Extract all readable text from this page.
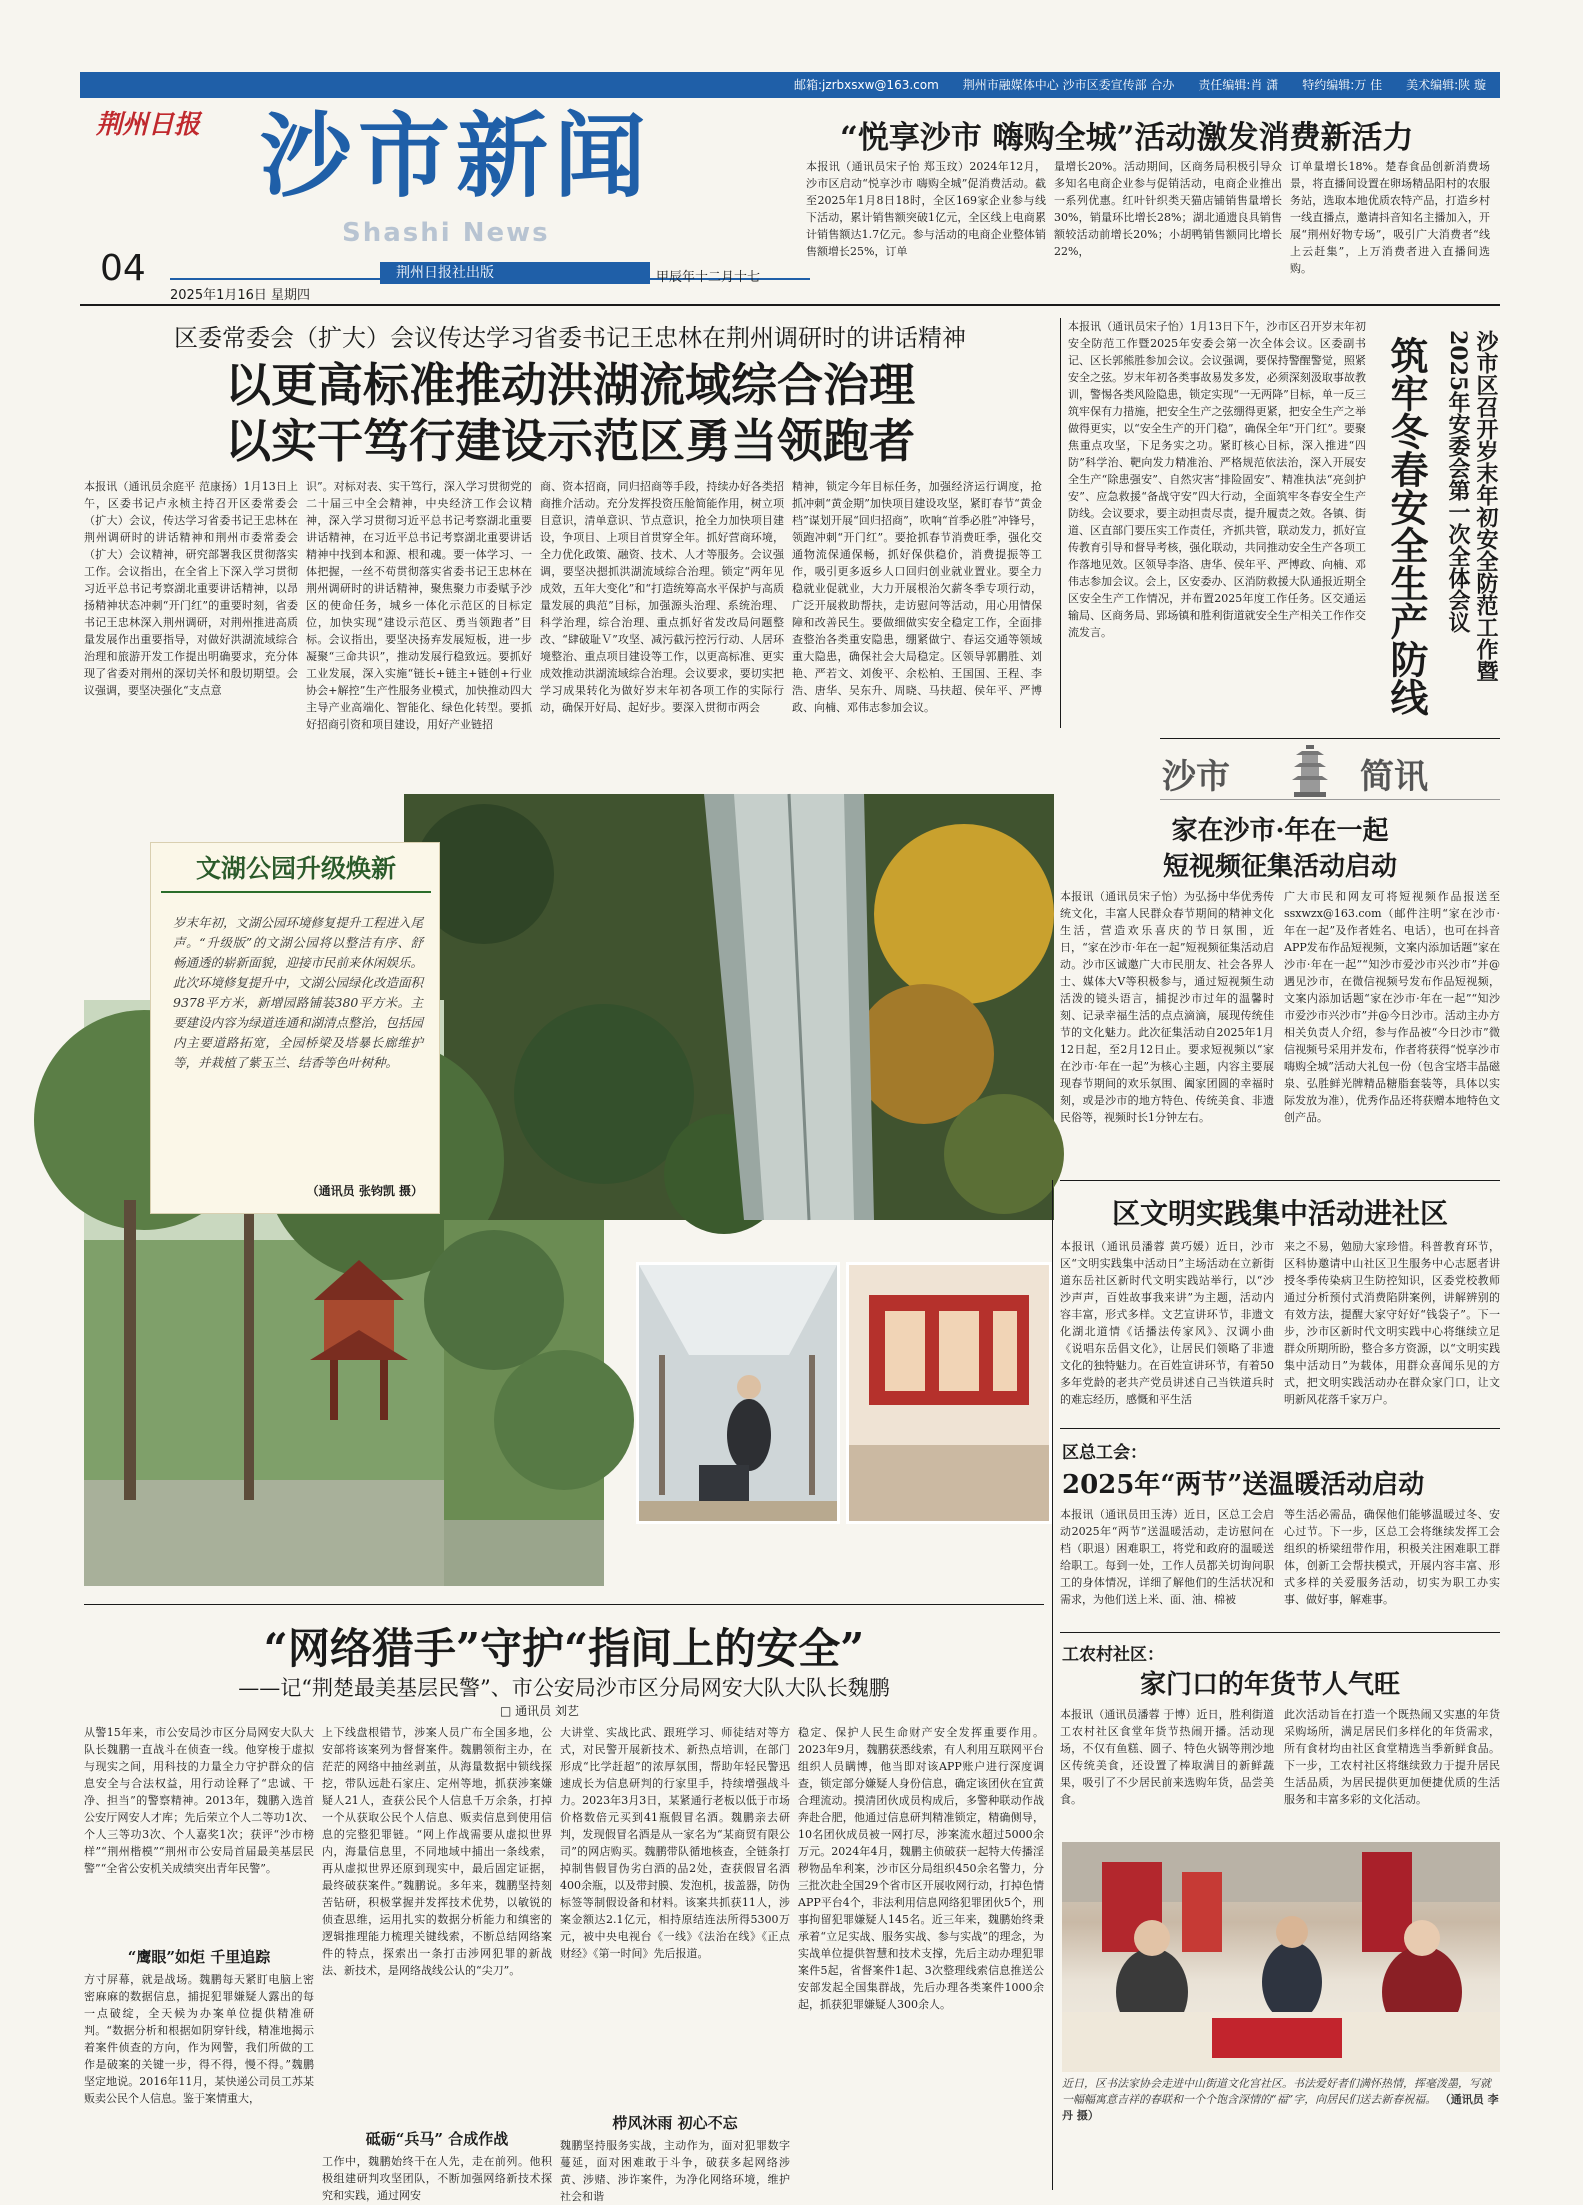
邮箱:jzrbxsxw@163.com　　荆州市融媒体中心 沙市区委宣传部 合办　　责任编辑:肖 潇　　特约编辑:万 佳　　美术编辑:陕 璇
荆州日报 沙市新闻
Shashi News
04
2025年1月16日 星期四
荆州日报社出版	甲辰年十二月十七
“悦享沙市 嗨购全城”活动激发消费新活力
本报讯（通讯员宋子怡 郑玉玟）2024年12月，沙市区启动“悦享沙市 嗨购全城”促消费活动。截至2025年1月8日18时，全区169家企业参与线下活动，累计销售额突破1亿元，全区线上电商累计销售额达1.7亿元。参与活动的电商企业整体销售额增长25%，订单
量增长20%。活动期间，区商务局积极引导众多知名电商企业参与促销活动，电商企业推出一系列优惠。红叶针织类天猫店铺销售量增长30%，销量环比增长28%；湖北通遗良具销售额较活动前增长20%；小胡鸭销售额同比增长22%，
订单量增长18%。楚春食品创新消费场景，将直播间设置在卵场精品阳村的农服务站，选取本地优质农特产品，打造乡村一线直播点，邀请抖音知名主播加入，开展“荆州好物专场”，吸引广大消费者“线上云赶集”，上万消费者进入直播间选购。
区委常委会（扩大）会议传达学习省委书记王忠林在荆州调研时的讲话精神
以更高标准推动洪湖流域综合治理
以实干笃行建设示范区勇当领跑者
本报讯（通讯员余庭平 范康扬）1月13日上午，区委书记卢永桢主持召开区委常委会（扩大）会议，传达学习省委书记王忠林在荆州调研时的讲话精神和荆州市委常委会（扩大）会议精神，研究部署我区贯彻落实工作。会议指出，在全省上下深入学习贯彻习近平总书记考察湖北重要讲话精神，以昂扬精神状态冲刺“开门红”的重要时刻，省委书记王忠林深入荆州调研，对荆州推进高质量发展作出重要指导，对做好洪湖流域综合治理和旅游开发工作提出明确要求，充分体现了省委对荆州的深切关怀和殷切期望。会议强调，要坚决强化“支点意
识”。对标对表、实干笃行，深入学习贯彻党的二十届三中全会精神，中央经济工作会议精神，深入学习贯彻习近平总书记考察湖北重要讲话精神，在习近平总书记考察湖北重要讲话精神中找到本和源、根和魂。要一体学习、一体把握，一丝不苟贯彻落实省委书记王忠林在荆州调研时的讲话精神，聚焦聚力市委赋予沙区的使命任务，城乡一体化示范区的目标定位，加快实现“建设示范区、勇当领跑者”目标。会议指出，要坚决扬弃发展短板，进一步凝聚“三命共识”，推动发展行稳致远。要抓好工业发展，深入实施“链长+链主+链创+行业协会+解控”生产性服务业模式，加快推动四大主导产业高端化、智能化、绿色化转型。要抓好招商引资和项目建设，用好产业链招
商、资本招商，同归招商等手段，持续办好各类招商推介活动。充分发挥投资压舱简能作用，树立项目意识，清单意识、节点意识，抢全力加快项目建设，争项目、上项目首贯穿全年。抓好营商环境，全力优化政策、融资、技术、人才等服务。会议强调，要坚决摁抓洪湖流域综合治理。锁定“两年见成效，五年大变化”和“打造统筹高水平保护与高质量发展的典范”目标，加强源头治理、系统治理、科学治理，综合治理、重点抓好省发改局问题整改、“肆破耻Ｖ”攻坚、减污截污控污行动、人居环境整治、重点项目建设等工作，以更高标准、更实成效推动洪湖流域综合治理。会议要求，要切实把学习成果转化为做好岁末年初各项工作的实际行动，确保开好局、起好步。要深入贯彻市两会
精神，锁定今年目标任务，加强经济运行调度，抢抓冲刺“黄金期”加快项目建设攻坚，紧盯春节“黄金档”谋划开展“回归招商”，吹响“首季必胜”冲锋号，领跑冲刺“开门红”。要抢抓春节消费旺季，强化交通物流保通保畅，抓好保供稳价，消费提振等工作，吸引更多返乡人口回归创业就业置业。要全力稳就业促就业，大力开展根治欠薪冬季专项行动，广泛开展救助帮扶，走访慰问等活动，用心用情保障和改善民生。要做细做实安全稳定工作，全面排查整治各类重安隐患，绷紧做宁、春运交通等领域重大隐患，确保社会大局稳定。区领导郭鹏胜、刘艳、严若文、刘俊平、余松柏、王国国、王程、李浩、唐华、吴东升、周晓、马扶超、侯年平、严博政、向楠、邓伟志参加会议。
本报讯（通讯员宋子怡）1月13日下午，沙市区召开岁末年初安全防范工作暨2025年安委会第一次全体会议。区委副书记、区长郭熊胜参加会议。会议强调，要保持警醒警觉，照紧安全之弦。岁末年初各类事故易发多发，必须深刻汲取事故教训，警惕各类风险隐患，锁定实现“一无两降”目标，单一反三筑牢保有力措施，把安全生产之弦绷得更紧，把安全生产之举做得更实，以“安全生产的开门稳”，确保全年“开门红”。要聚焦重点攻坚，下足务实之功。紧盯核心目标，深入推进“四防”科学治、靶向发力精准治、严格规范依法治，深入开展安全生产“除患强安”、自然灾害“排险固安”、精准执法“亮剑护安”、应急救援“备战守安”四大行动，全面筑牢冬春安全生产防线。会议要求，要主动担责尽责，提升履责之效。各镇、街道、区直部门要压实工作责任，齐抓共管，联动发力，抓好宣传教育引导和督导考核，强化联动，共同推动安全生产各项工作落地见效。区领导李洛、唐华、侯年平、严博政、向楠、邓伟志参加会议。会上，区安委办、区消防救援大队通报近期全区安全生产工作情况，并布置2025年度工作任务。区交通运输局、区商务局、郢场镇和胜利街道就安全生产相关工作作交流发言。	沙市区召开岁末年初安全防范工作暨2025年安委会第一次全体会议
筑牢冬春安全生产防线
沙市	简讯
家在沙市·年在一起
短视频征集活动启动
本报讯（通讯员宋子怡）为弘扬中华优秀传统文化，丰富人民群众春节期间的精神文化生活，营造欢乐喜庆的节日氛围，近日，“家在沙市·年在一起”短视频征集活动启动。沙市区诚邀广大市民朋友、社会各界人士、媒体大V等积极参与，通过短视频生动活泼的镜头语言，捕捉沙市过年的温馨时刻、记录幸福生活的点点滴滴，展现传统佳节的文化魅力。此次征集活动自2025年1月12日起，至2月12日止。要求短视频以“家在沙市·年在一起”为核心主题，内容主要展现春节期间的欢乐氛围、阖家团圆的幸福时刻，或是沙市的地方特色、传统美食、非遗民俗等，视频时长1分钟左右。
广大市民和网友可将短视频作品报送至 ssxwzx@163.com（邮件注明“家在沙市·年在一起”及作者姓名、电话），也可在抖音APP发布作品短视频，文案内添加话题“家在沙市·年在一起”“知沙市爱沙市兴沙市”并@遇见沙市，在微信视频号发布作品短视频，文案内添加话题“家在沙市·年在一起”“知沙市爱沙市兴沙市”并@今日沙市。活动主办方相关负责人介绍，参与作品被“今日沙市”微信视频号采用并发布，作者将获得“悦享沙市 嗨购全城”活动大礼包一份（包含宝塔丰晶磁泉、弘胜鲜光牌精品糖脂套装等，具体以实际发放为准），优秀作品还将获赠本地特色文创产品。
区文明实践集中活动进社区
本报讯（通讯员潘蓉 黄巧媛）近日，沙市区“文明实践集中活动日”主场活动在立新街道东岳社区新时代文明实践站举行，以“沙沙声声，百姓故事我来讲”为主题，活动内容丰富，形式多样。文艺宣讲环节，非遗文化湖北道情《话播法传家风》、汉调小曲《说唱东岳倡文化》，让居民们领略了非遗文化的独特魅力。在百姓宣讲环节，有着50多年党龄的老共产党员讲述自己当铁道兵时的难忘经历，感慨和平生活
来之不易，勉励大家珍惜。科普教育环节，区科协邀请中山社区卫生服务中心志愿者讲授冬季传染病卫生防控知识，区委党校教师通过分析预付式消费陷阱案例，讲解辨别的有效方法，提醒大家守好好“钱袋子”。下一步，沙市区新时代文明实践中心将继续立足群众所期所盼，整合多方资源，以“文明实践集中活动日”为载体，用群众喜闻乐见的方式，把文明实践活动办在群众家门口，让文明新风花落千家万户。
区总工会：
2025年“两节”送温暖活动启动
本报讯（通讯员田玉涛）近日，区总工会启动2025年“两节”送温暖活动，走访慰问在档（职退）困难职工，将党和政府的温暖送给职工。每到一处，工作人员都关切询问职工的身体情况，详细了解他们的生活状况和需求，为他们送上米、面、油、棉被
等生活必需品，确保他们能够温暖过冬、安心过节。下一步，区总工会将继续发挥工会组织的桥梁纽带作用，积极关注困难职工群体，创新工会帮扶模式，开展内容丰富、形式多样的关爱服务活动，切实为职工办实事、做好事，解难事。
工农村社区：
家门口的年货节人气旺
本报讯（通讯员潘蓉 于博）近日，胜利街道工农村社区食堂年货节热闹开播。活动现场，不仅有鱼糕、圆子、特色火锅等荆沙地区传统美食，还设置了棒取满目的新鲜蔬果，吸引了不少居民前来选购年货，品尝美食。
此次活动旨在打造一个既热闹又实惠的年货采购场所，满足居民们多样化的年货需求，所有食材均由社区食堂精选当季新鲜食品。下一步，工农村社区将继续致力于提升居民生活品质，为居民提供更加便捷优质的生活服务和丰富多彩的文化活动。
近日，区书法家协会走进中山街道文化宫社区。书法爱好者们满怀热情，挥毫泼墨，写就一幅幅寓意吉祥的春联和一个个饱含深情的“福”字，向居民们送去新春祝福。 （通讯员 李丹 摄）
文湖公园升级焕新
岁末年初，文湖公园环境修复提升工程进入尾声。“升级版”的文湖公园将以整洁有序、舒畅通透的崭新面貌，迎接市民前来休闲娱乐。此次环境修复提升中，文湖公园绿化改造面积9378平方米，新增园路铺装380平方米。主要建设内容为绿道连通和湖清点整治，包括园内主要道路拓宽，全园桥梁及塔暴长廊维护等，并栽植了紫玉兰、结香等色叶树种。
（通讯员 张钧凯 摄）
“网络猎手”守护“指间上的安全”
——记“荆楚最美基层民警”、市公安局沙市区分局网安大队大队长魏鹏
□ 通讯员 刘艺
从警15年来，市公安局沙市区分局网安大队大队长魏鹏一直战斗在侦查一线。他穿梭于虚拟与现实之间，用科技的力量全力守护群众的信息安全与合法权益，用行动诠释了“忠诚、干净、担当”的警察精神。2013年，魏鹏入选首公安厅网安人才库；先后荣立个人二等功1次、个人三等功3次、个人嘉奖1次；获评“沙市榜样”“荆州楷模”“荆州市公安局首届最美基层民警”“全省公安机关成绩突出青年民警”。
“鹰眼”如炬 千里追踪
方寸屏幕，就是战场。魏鹏每天紧盯电脑上密密麻麻的数据信息，捕捉犯罪嫌疑人露出的每一点破绽，全天候为办案单位提供精准研判。“数据分析和根据如阴穿针线，精准地揭示着案件侦查的方向，作为网警，我们所做的工作是破案的关键一步，得不得，慢不得。”魏鹏坚定地说。2016年11月，某快递公司员工苏某贩卖公民个人信息。鉴于案情重大，
上下线盘根错节，涉案人员广布全国多地，公安部将该案列为督督案件。魏鹏领衔主办，在茫茫的网络中抽丝剥茧，从海量数据中锁线探挖，带队远赴石家庄、定州等地，抓获涉案嫌疑人21人，查获公民个人信息千万余条，打掉一个从获取公民个人信息、贩卖信息到使用信息的完整犯罪链。“网上作战需要从虚拟世界内，海量信息里，不同地域中捕出一条线索，再从虚拟世界还原到现实中，最后固定证据，最终破获案件。”魏鹏说。多年来，魏鹏坚持刻苦钻研，积极掌握并发挥技术优势，以敏锐的侦查思维，运用扎实的数据分析能力和缜密的逻辑推理能力梳理关键线索，不断总结网络案件的特点，探索出一条打击涉网犯罪的新战法、新技术，是网络战线公认的“尖刀”。
砥砺“兵马” 合成作战
工作中，魏鹏始终干在人先，走在前列。他积极组建研判攻坚团队，不断加强网络新技术探究和实践，通过网安
大讲堂、实战比武、跟班学习、师徒结对等方式，对民警开展新技术、新热点培训，在部门形成“比学赶超”的浓厚氛围，帮助年轻民警迅速成长为信息研判的行家里手，持续增强战斗力。2023年3月3日，某紧通行老板以低于市场价格数倍元买到41瓶假冒名酒。魏鹏亲去研判，发现假冒名酒是从一家名为“某商贸有限公司”的网店购买。魏鹏带队循地核查，全链条打掉制售假冒伪劣白酒的品2处，查获假冒名酒400余瓶，以及带封膜、发泡机，拔盖器，防伪标签等制假设备和材料。该案共抓获11人，涉案金额达2.1亿元，相持原结连法所得5300万元，被中央电视台《一线》《法治在线》《正点财经》《第一时间》先后报道。
栉风沐雨 初心不忘
魏鹏坚持服务实战，主动作为，面对犯罪数字蔓延，面对困难敢于斗争，破获多起网络涉黄、涉赌、涉诈案件，为净化网络环境，维护社会和谐
稳定、保护人民生命财产安全发挥重要作用。2023年9月，魏鹏获悉线索，有人利用互联网平台组织人员瞒博，他当即对该APP账户进行深度调查，锁定部分嫌疑人身份信息，确定该团伙在宜黄合理流动。摸清团伙成员构成后，多警种联动作战奔赴合肥，他通过信息研判精准锁定，精确侧导，10名团伙成员被一网打尽，涉案流水超过5000余万元。2024年4月，魏鹏主侦破获一起特大传播淫秽物品牟利案，沙市区分局组织450余名警力，分三批次赴全国29个省市区开展收网行动，打掉色情APP平台4个，非法利用信息网络犯罪团伙5个，刑事拘留犯罪嫌疑人145名。近三年来，魏鹏始终秉承着“立足实战、服务实战、参与实战”的理念，为实战单位提供智慧和技术支撑，先后主动办理犯罪案件5起，省督案件1起、3次整理线索信息推送公安部发起全国集群战，先后办理各类案件1000余起，抓获犯罪嫌疑人300余人。
